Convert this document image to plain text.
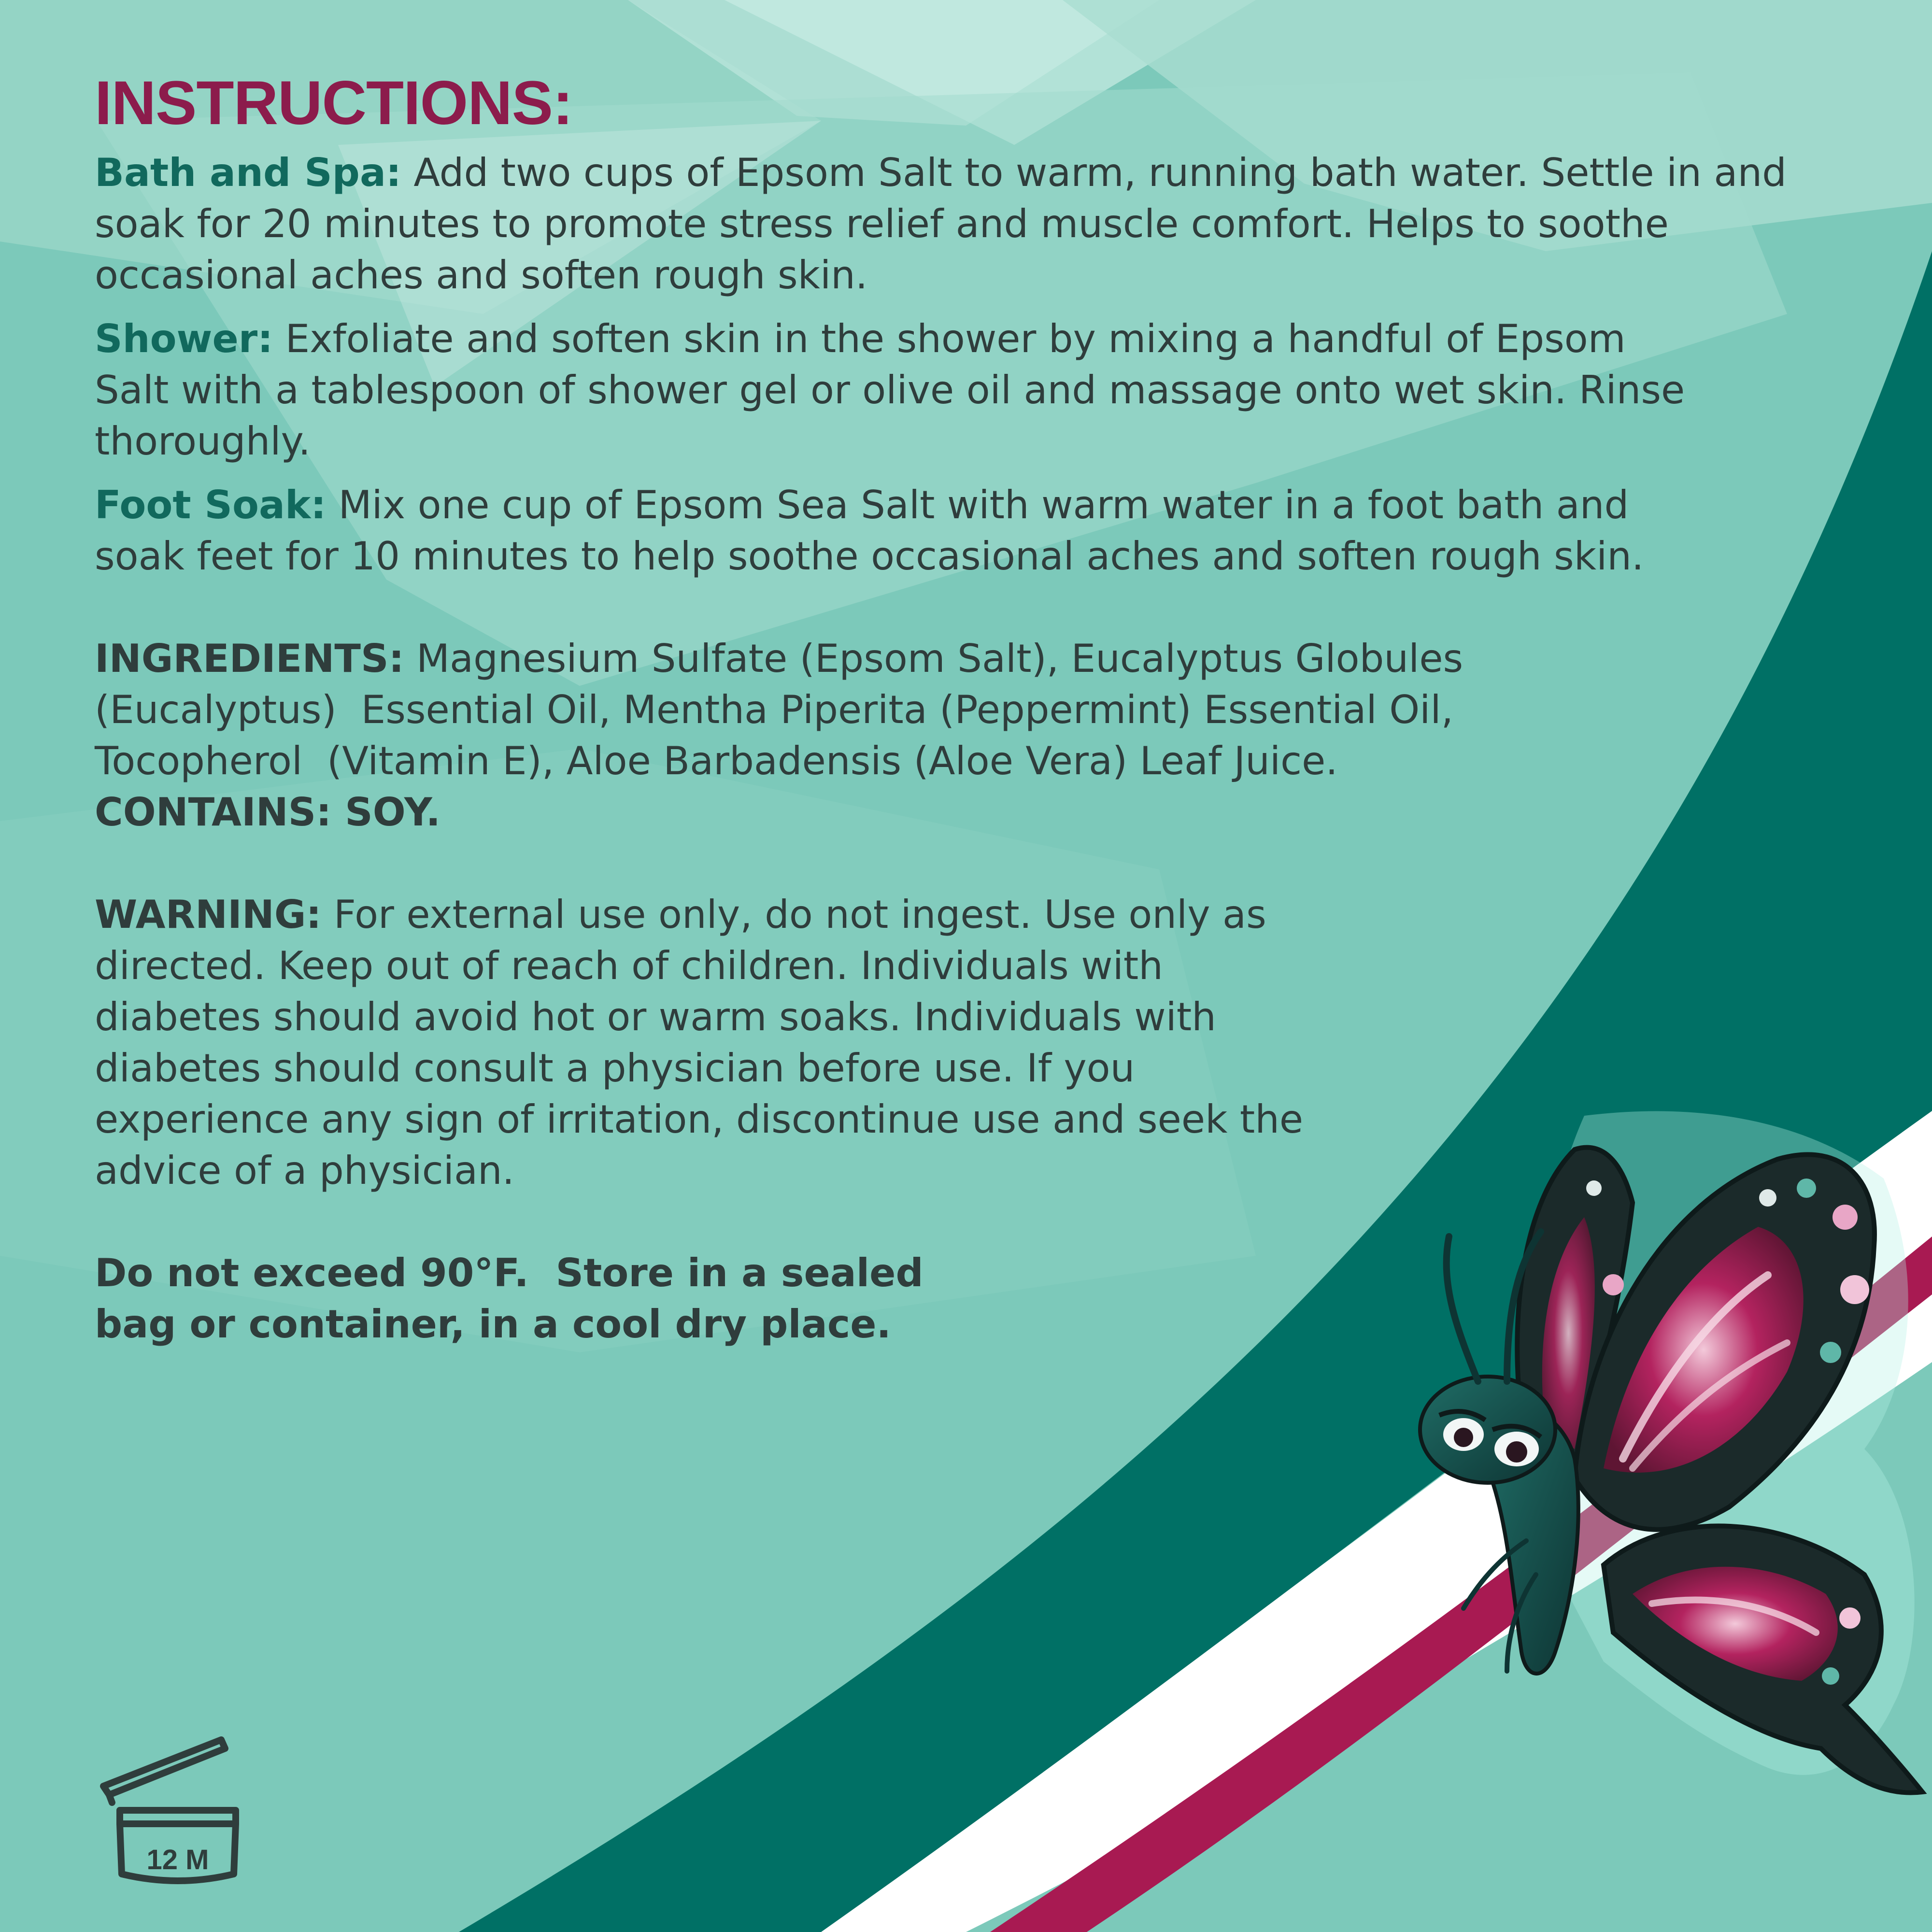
INSTRUCTIONS:

Bath and Spa: Add two cups of Epsom Salt to warm, running bath water. Settle in and soak for 20 minutes to promote stress relief and muscle comfort. Helps to soothe occasional aches and soften rough skin.

Shower: Exfoliate and soften skin in the shower by mixing a handful of Epsom Salt with a tablespoon of shower gel or olive oil and massage onto wet skin. Rinse thoroughly.

Foot Soak: Mix one cup of Epsom Sea Salt with warm water in a foot bath and soak feet for 10 minutes to help soothe occasional aches and soften rough skin.

INGREDIENTS: Magnesium Sulfate (Epsom Salt), Eucalyptus Globules (Eucalyptus)  Essential Oil, Mentha Piperita (Peppermint) Essential Oil, Tocopherol  (Vitamin E), Aloe Barbadensis (Aloe Vera) Leaf Juice.   CONTAINS: SOY.

WARNING: For external use only, do not ingest. Use only as directed. Keep out of reach of children. Individuals with diabetes should avoid hot or warm soaks. Individuals with diabetes should consult a physician before use. If you experience any sign of irritation, discontinue use and seek the advice of a physician.

Do not exceed 90°F.  Store in a sealed bag or container, in a cool dry place.

12 M
